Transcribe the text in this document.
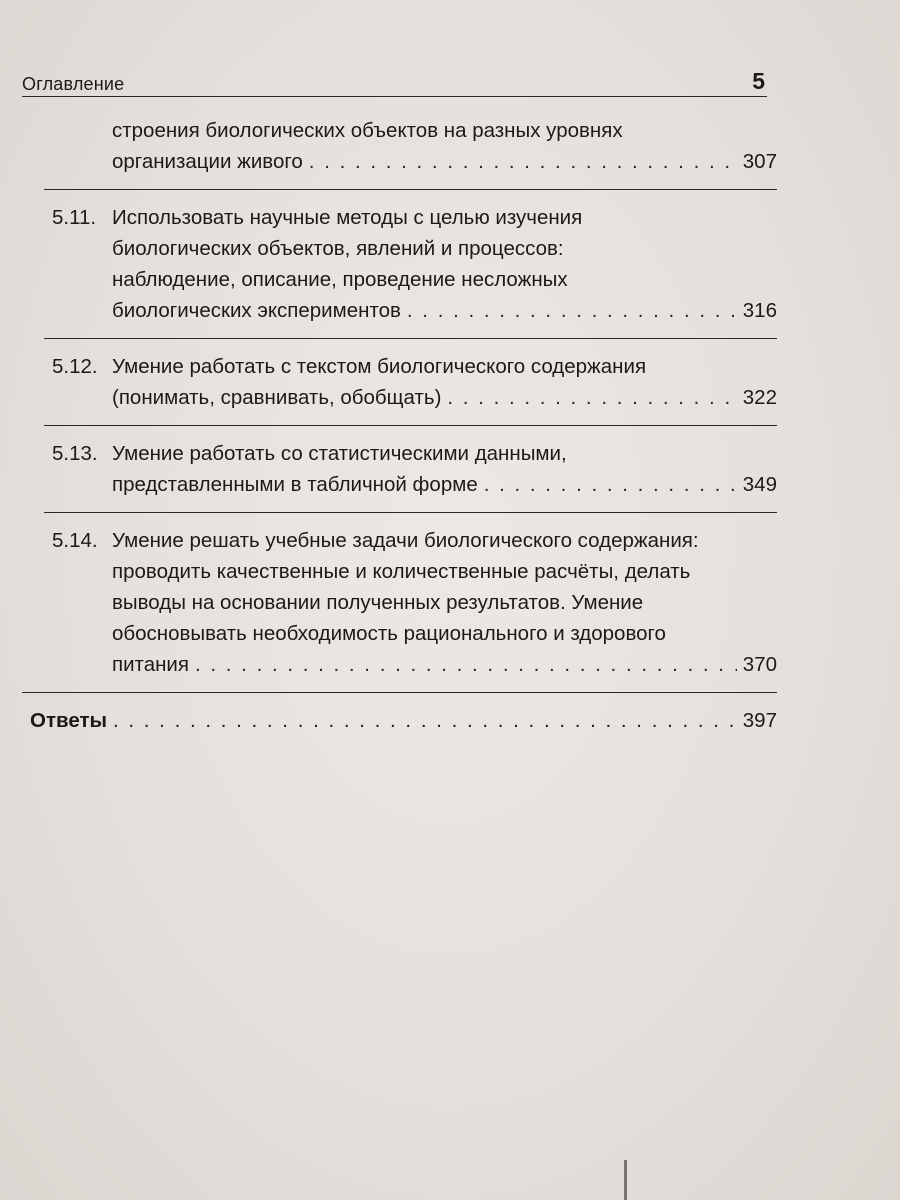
Оглавление	5
строения биологических объектов на разных уровнях
организации живого . . .	307
5.11. Использовать научные методы с целью изучения
биологических объектов, явлений и процессов:
наблюдение, описание, проведение несложных
биологических экспериментов . . .	316
5.12. Умение работать с текстом биологического содержания
(понимать, сравнивать, обобщать) . . .	322
5.13. Умение работать со статистическими данными,
представленными в табличной форме . . .	349
5.14. Умение решать учебные задачи биологического содержания:
проводить качественные и количественные расчёты, делать
выводы на основании полученных результатов. Умение
обосновывать необходимость рационального и здорового
питания . . .	370
Ответы . . .	397
